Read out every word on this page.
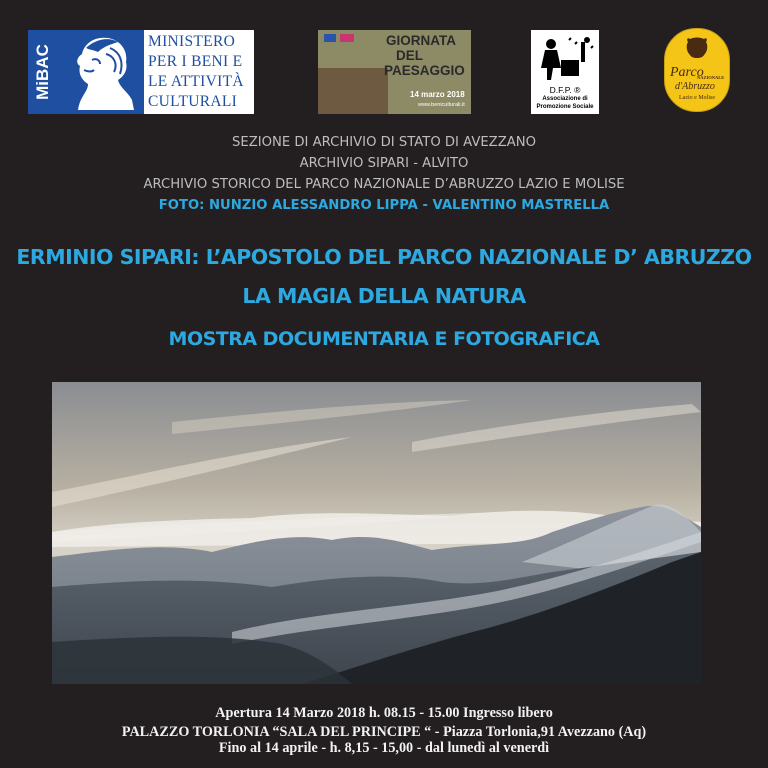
MiBAC
MINISTERO
PER I BENI E
LE ATTIVITÀ
CULTURALI
GIORNATA
DEL
PAESAGGIO
14 marzo 2018
www.beniculturali.it
D.F.P. ®
Associazione di
Promozione Sociale
Parco
NAZIONALE
d'Abruzzo
Lazio e Molise
SEZIONE DI ARCHIVIO DI STATO DI AVEZZANO
ARCHIVIO SIPARI - ALVITO
ARCHIVIO STORICO DEL PARCO NAZIONALE D’ABRUZZO LAZIO E MOLISE
FOTO: NUNZIO ALESSANDRO LIPPA - VALENTINO MASTRELLA
ERMINIO SIPARI: L’APOSTOLO DEL PARCO NAZIONALE D’ ABRUZZO
LA MAGIA DELLA NATURA
MOSTRA DOCUMENTARIA E FOTOGRAFICA
Apertura 14 Marzo 2018 h. 08.15 - 15.00 Ingresso libero
PALAZZO TORLONIA “SALA DEL PRINCIPE “ - Piazza Torlonia,91 Avezzano (Aq)
Fino al 14 aprile - h. 8,15 - 15,00 - dal lunedì al venerdì
